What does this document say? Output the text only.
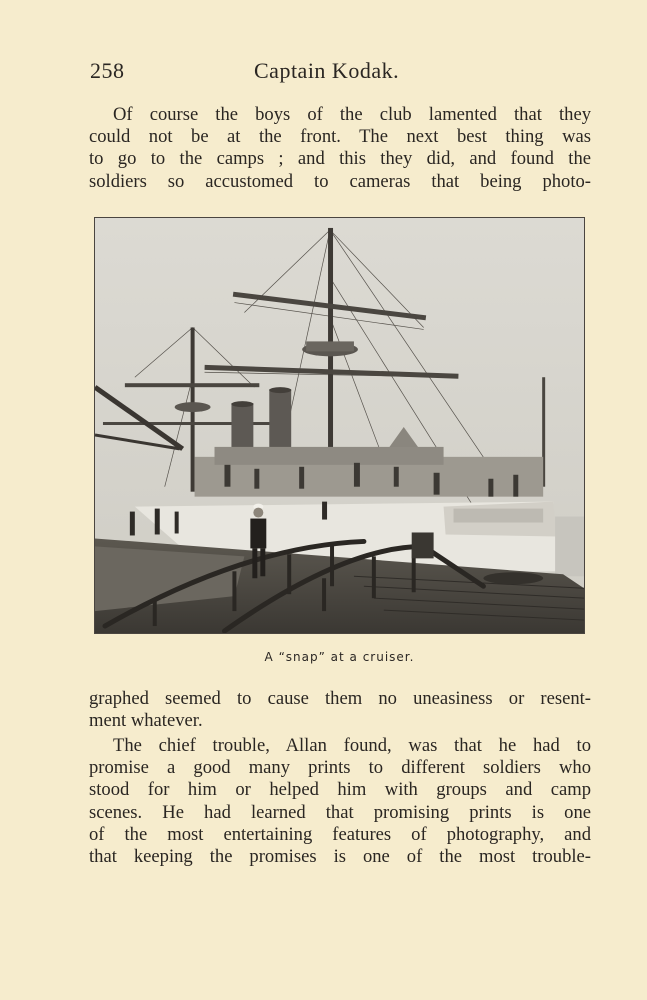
258	Captain Kodak.
Of course the boys of the club lamented that they
could not be at the front. The next best thing was
to go to the camps ; and this they did, and found the
soldiers so accustomed to cameras that being photo-
A “snap” at a cruiser.
graphed seemed to cause them no uneasiness or resent-
ment whatever.
The chief trouble, Allan found, was that he had to
promise a good many prints to different soldiers who
stood for him or helped him with groups and camp
scenes. He had learned that promising prints is one
of the most entertaining features of photography, and
that keeping the promises is one of the most trouble-
